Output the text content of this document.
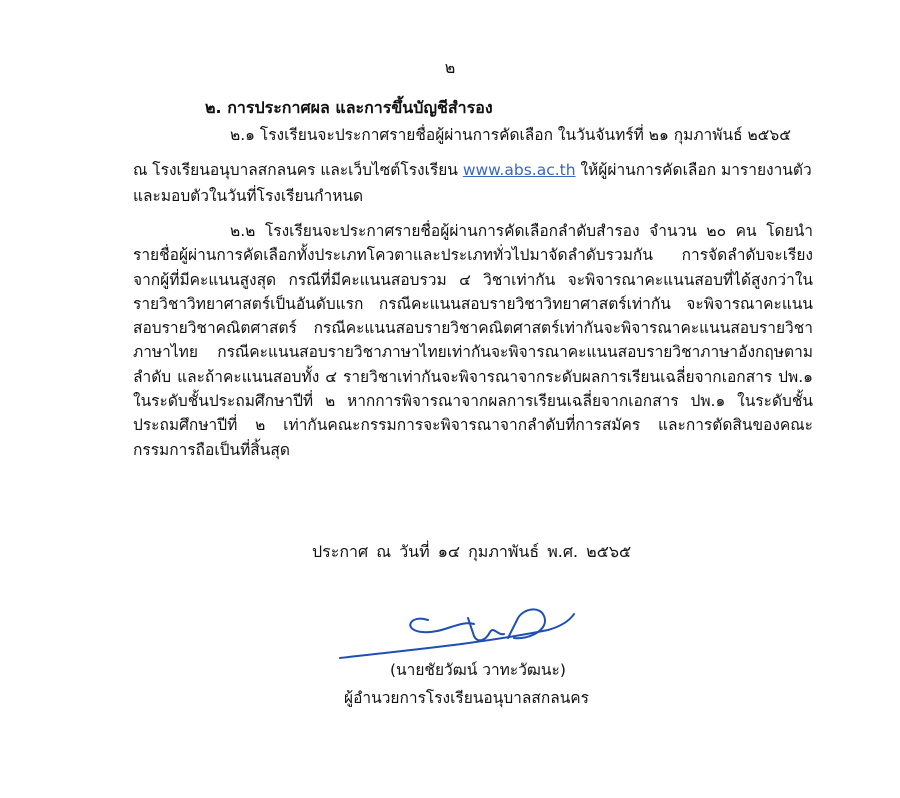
๒
๒. การประกาศผล และการขึ้นบัญชีสำรอง
๒.๑ โรงเรียนจะประกาศรายชื่อผู้ผ่านการคัดเลือก ในวันจันทร์ที่ ๒๑ กุมภาพันธ์ ๒๕๖๕
ณ โรงเรียนอนุบาลสกลนคร และเว็บไซต์โรงเรียน www.abs.ac.th ให้ผู้ผ่านการคัดเลือก มารายงานตัว
และมอบตัวในวันที่โรงเรียนกำหนด
๒.๒ โรงเรียนจะประกาศรายชื่อผู้ผ่านการคัดเลือกลำดับสำรอง จำนวน ๒๐ คน โดยนำรายชื่อผู้ผ่านการคัดเลือกทั้งประเภทโควตาและประเภททั่วไปมาจัดลำดับรวมกัน การจัดลำดับจะเรียงจากผู้ที่มีคะแนนสูงสุด กรณีที่มีคะแนนสอบรวม ๔ วิชาเท่ากัน จะพิจารณาคะแนนสอบที่ได้สูงกว่าในรายวิชาวิทยาศาสตร์เป็นอันดับแรก กรณีคะแนนสอบรายวิชาวิทยาศาสตร์เท่ากัน จะพิจารณาคะแนนสอบรายวิชาคณิตศาสตร์ กรณีคะแนนสอบรายวิชาคณิตศาสตร์เท่ากันจะพิจารณาคะแนนสอบรายวิชาภาษาไทย กรณีคะแนนสอบรายวิชาภาษาไทยเท่ากันจะพิจารณาคะแนนสอบรายวิชาภาษาอังกฤษตามลำดับ และถ้าคะแนนสอบทั้ง ๔ รายวิชาเท่ากันจะพิจารณาจากระดับผลการเรียนเฉลี่ยจากเอกสาร ปพ.๑ ในระดับชั้นประถมศึกษาปีที่ ๒ หากการพิจารณาจากผลการเรียนเฉลี่ยจากเอกสาร ปพ.๑ ในระดับชั้นประถมศึกษาปีที่ ๒ เท่ากันคณะกรรมการจะพิจารณาจากลำดับที่การสมัคร และการตัดสินของคณะกรรมการถือเป็นที่สิ้นสุด
ประกาศ ณ วันที่ ๑๔ กุมภาพันธ์ พ.ศ. ๒๕๖๕
(นายชัยวัฒน์ วาทะวัฒนะ)
ผู้อำนวยการโรงเรียนอนุบาลสกลนคร
